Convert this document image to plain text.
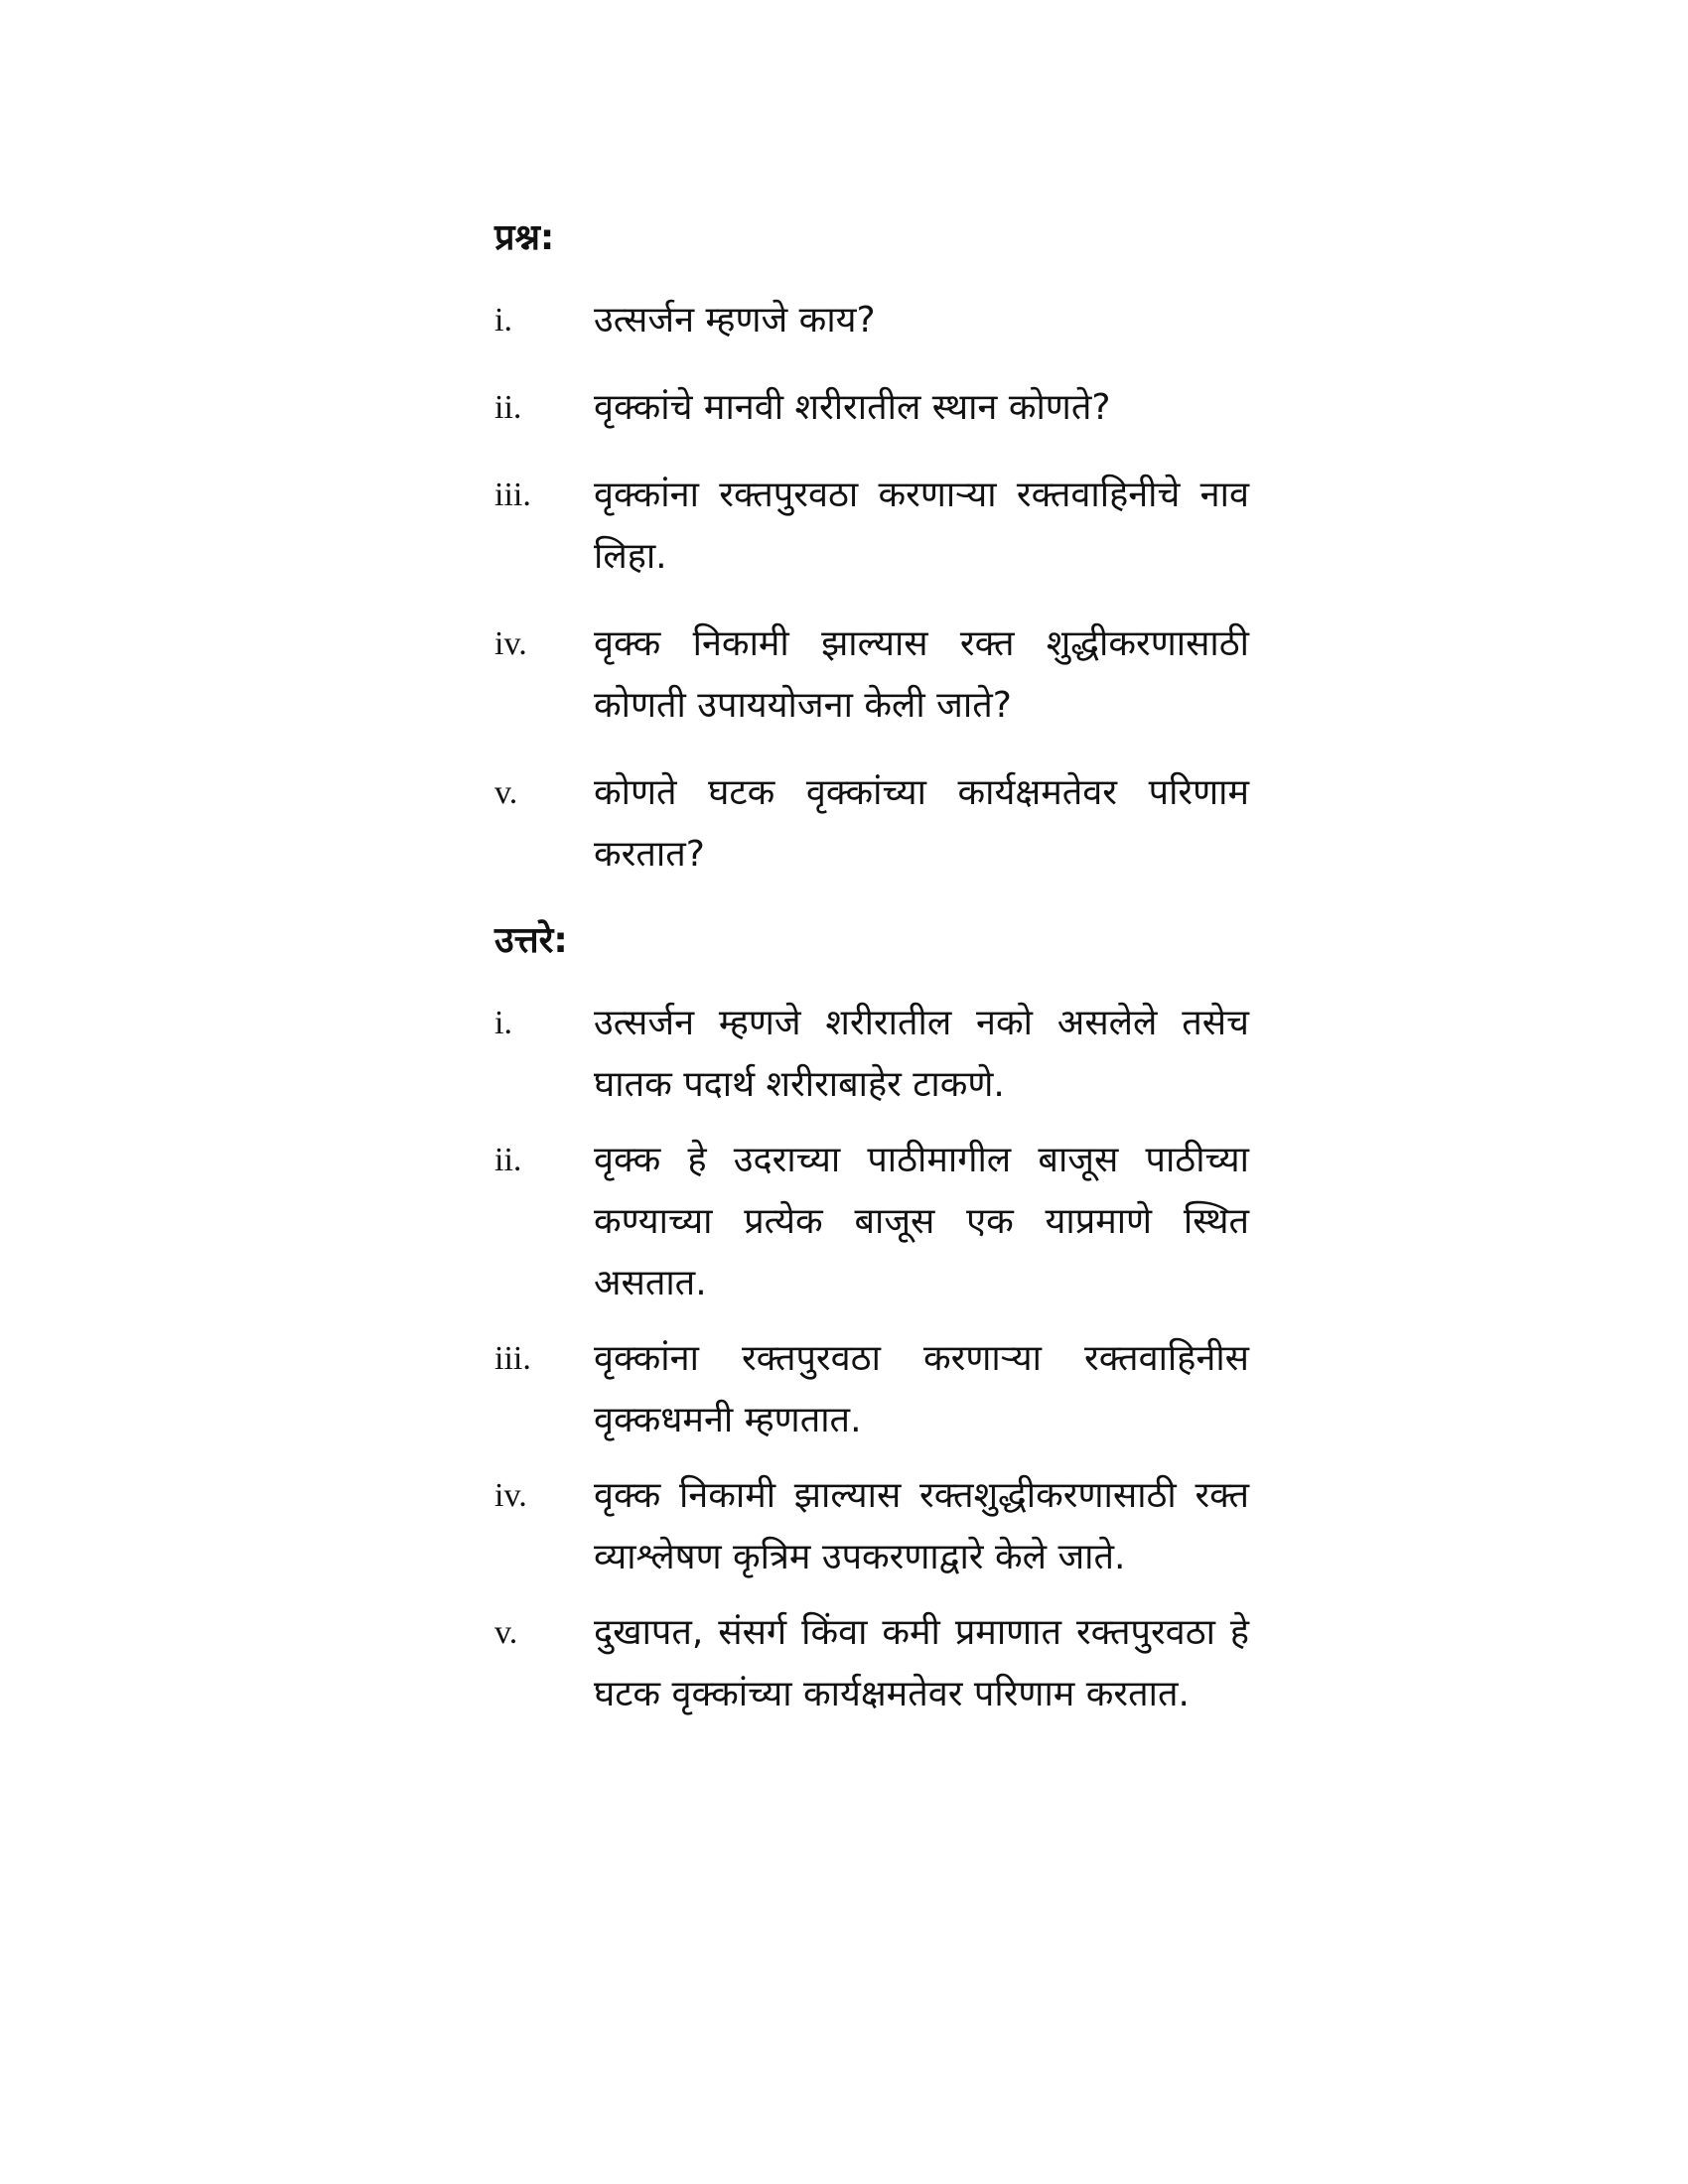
प्रश्न:
i.	उत्सर्जन म्हणजे काय?
ii.	वृक्कांचे मानवी शरीरातील स्थान कोणते?
iii.	वृक्कांना रक्तपुरवठा करणाऱ्या रक्तवाहिनीचे नाव लिहा.
iv.	वृक्क निकामी झाल्यास रक्त शुद्धीकरणासाठी कोणती उपाययोजना केली जाते?
v.	कोणते घटक वृक्कांच्या कार्यक्षमतेवर परिणाम करतात?
उत्तरे:
i.	उत्सर्जन म्हणजे शरीरातील नको असलेले तसेच घातक पदार्थ शरीराबाहेर टाकणे.
ii.	वृक्क हे उदराच्या पाठीमागील बाजूस पाठीच्या कण्याच्या प्रत्येक बाजूस एक याप्रमाणे स्थित असतात.
iii.	वृक्कांना रक्तपुरवठा करणाऱ्या रक्तवाहिनीस वृक्कधमनी म्हणतात.
iv.	वृक्क निकामी झाल्यास रक्तशुद्धीकरणासाठी रक्त व्याश्लेषण कृत्रिम उपकरणाद्वारे केले जाते.
v.	दुखापत, संसर्ग किंवा कमी प्रमाणात रक्तपुरवठा हे घटक वृक्कांच्या कार्यक्षमतेवर परिणाम करतात.
